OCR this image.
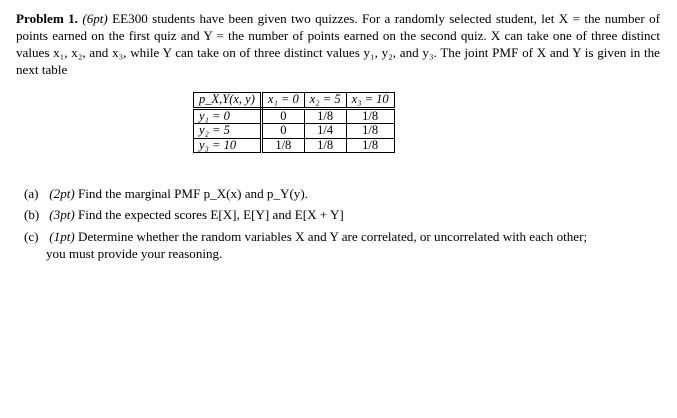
Problem 1. (6pt) EE300 students have been given two quizzes. For a randomly selected student, let X = the number of points earned on the first quiz and Y = the number of points earned on the second quiz. X can take one of three distinct values x₁, x₂, and x₃, while Y can take on of three distinct values y₁, y₂, and y₃. The joint PMF of X and Y is given in the next table
p_X,Y(x, y)	x₁ = 0	x₂ = 5	x₃ = 10
y₁ = 0	0	1/8	1/8
y₂ = 5	0	1/4	1/8
y₃ = 10	1/8	1/8	1/8
(a) (2pt) Find the marginal PMF p_X(x) and p_Y(y).
(b) (3pt) Find the expected scores E[X], E[Y] and E[X + Y]
(c) (1pt) Determine whether the random variables X and Y are correlated, or uncorrelated with each other;
you must provide your reasoning.
